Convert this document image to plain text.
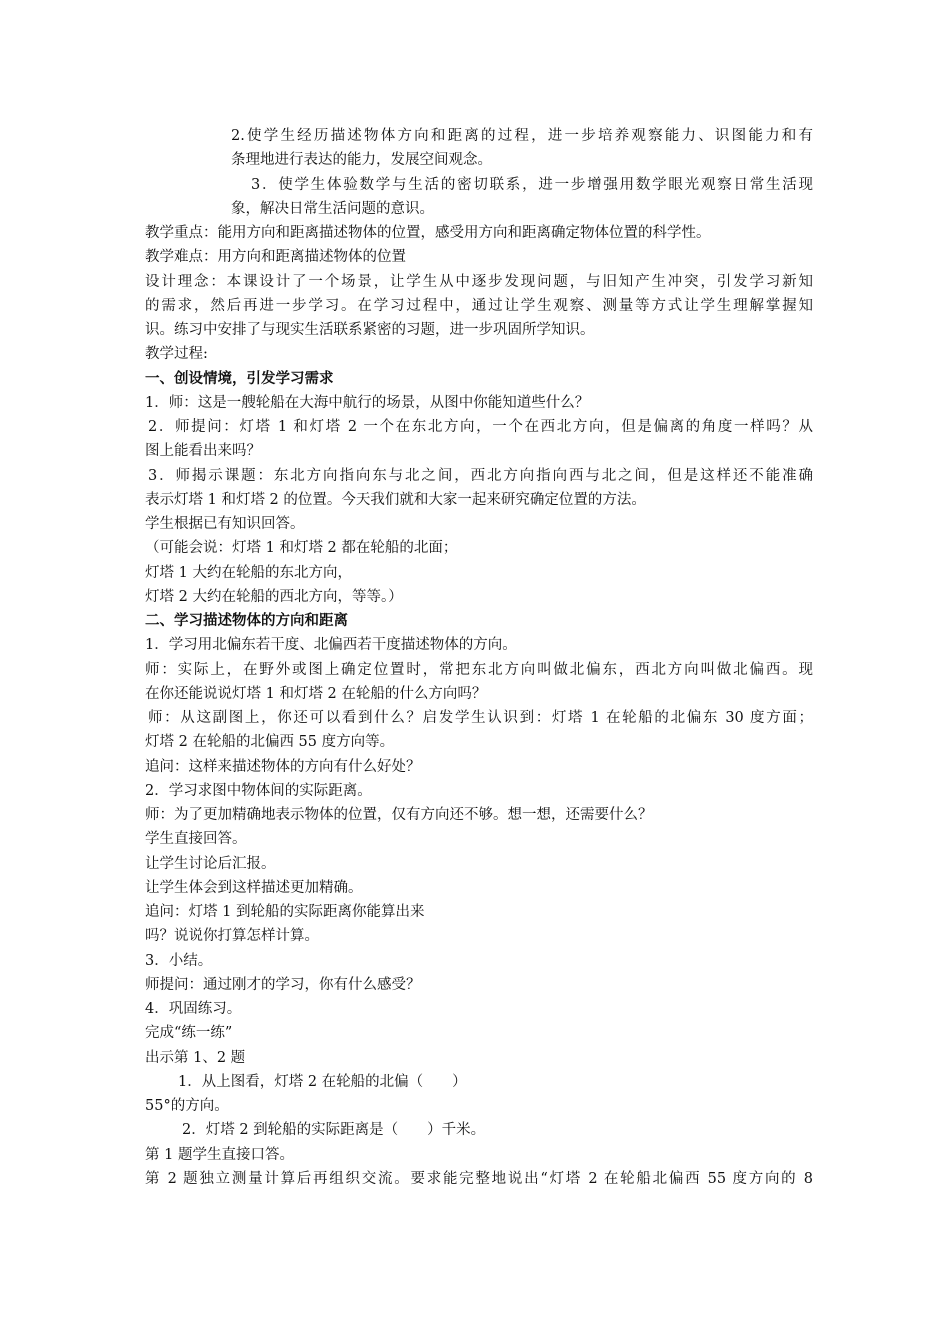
2.使学生经历描述物体方向和距离的过程，进一步培养观察能力、识图能力和有
条理地进行表达的能力，发展空间观念。
3．使学生体验数学与生活的密切联系，进一步增强用数学眼光观察日常生活现
象，解决日常生活问题的意识。
教学重点：能用方向和距离描述物体的位置，感受用方向和距离确定物体位置的科学性。
教学难点：用方向和距离描述物体的位置
设计理念：本课设计了一个场景，让学生从中逐步发现问题，与旧知产生冲突，引发学习新知
的需求，然后再进一步学习。在学习过程中，通过让学生观察、测量等方式让学生理解掌握知
识。练习中安排了与现实生活联系紧密的习题，进一步巩固所学知识。
教学过程:
一、创设情境，引发学习需求
1．师：这是一艘轮船在大海中航行的场景，从图中你能知道些什么？
2．师提问：灯塔 1 和灯塔 2 一个在东北方向，一个在西北方向，但是偏离的角度一样吗？从
图上能看出来吗？
3．师揭示课题：东北方向指向东与北之间，西北方向指向西与北之间，但是这样还不能准确
表示灯塔 1 和灯塔 2 的位置。今天我们就和大家一起来研究确定位置的方法。
学生根据已有知识回答。
（可能会说：灯塔 1 和灯塔 2 都在轮船的北面；
灯塔 1 大约在轮船的东北方向，
灯塔 2 大约在轮船的西北方向，等等。）
二、学习描述物体的方向和距离
1．学习用北偏东若干度、北偏西若干度描述物体的方向。
师：实际上，在野外或图上确定位置时，常把东北方向叫做北偏东，西北方向叫做北偏西。现
在你还能说说灯塔 1 和灯塔 2 在轮船的什么方向吗？
师：从这副图上，你还可以看到什么？启发学生认识到：灯塔 1 在轮船的北偏东 30 度方面；
灯塔 2 在轮船的北偏西 55 度方向等。
追问：这样来描述物体的方向有什么好处？
2．学习求图中物体间的实际距离。
师：为了更加精确地表示物体的位置，仅有方向还不够。想一想，还需要什么？
学生直接回答。
让学生讨论后汇报。
让学生体会到这样描述更加精确。
追问：灯塔 1 到轮船的实际距离你能算出来
吗？说说你打算怎样计算。
3．小结。
师提问：通过刚才的学习，你有什么感受？
4．巩固练习。
完成“练一练”
出示第 1、2 题
1．从上图看，灯塔 2 在轮船的北偏（　　）
55°的方向。
2．灯塔 2 到轮船的实际距离是（　　）千米。
第 1 题学生直接口答。
第 2 题独立测量计算后再组织交流。要求能完整地说出“灯塔 2 在轮船北偏西 55 度方向的 8
